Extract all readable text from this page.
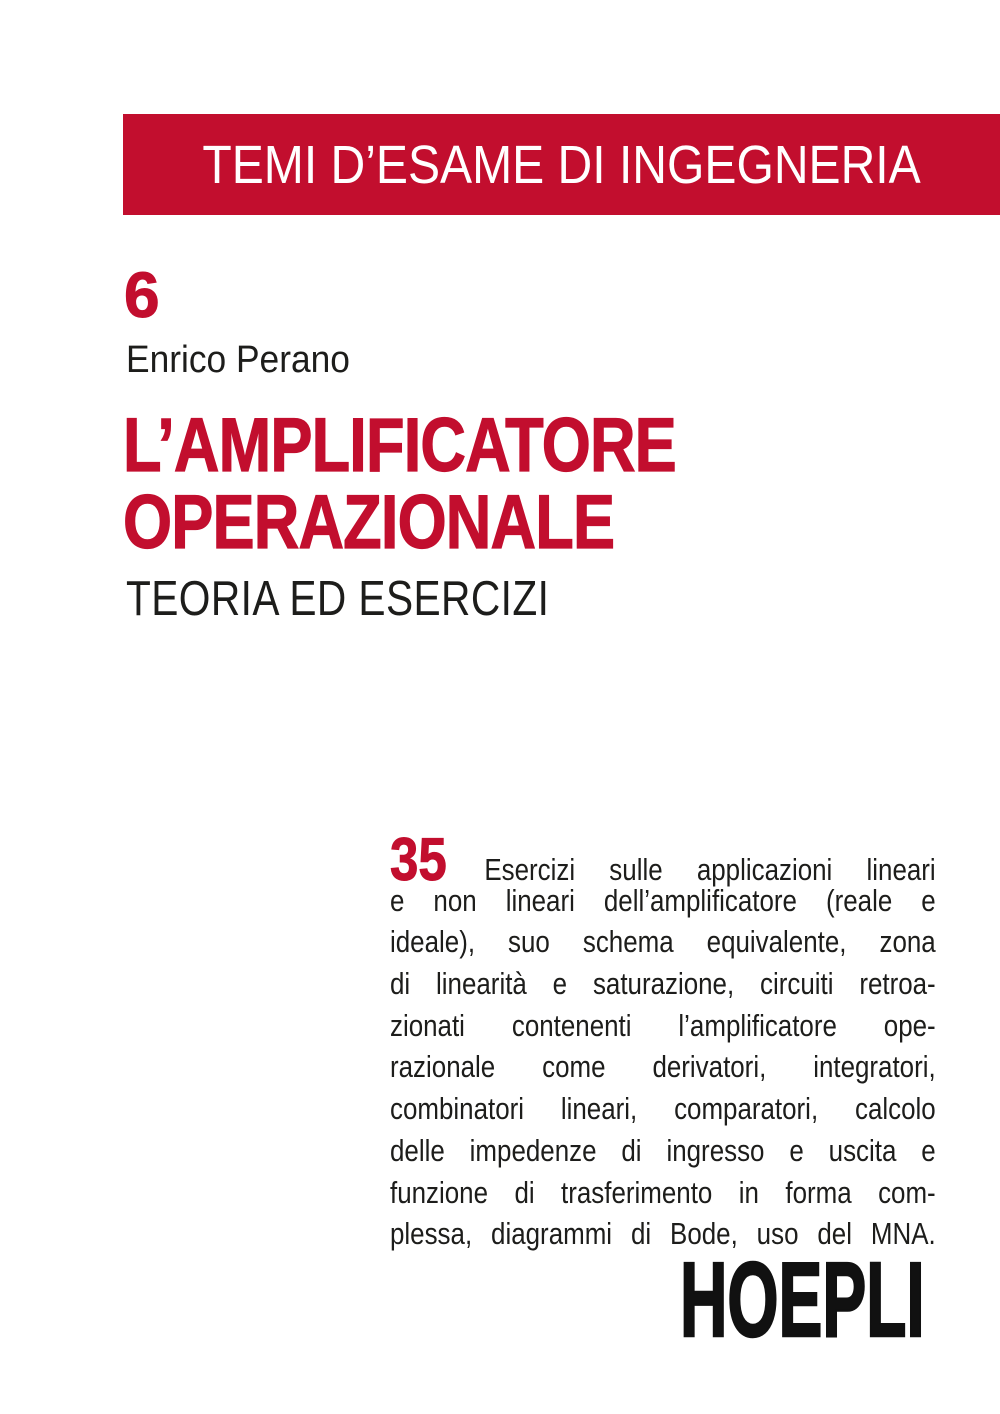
TEMI D’ESAME DI INGEGNERIA
6
Enrico Perano
L’AMPLIFICATORE
OPERAZIONALE
TEORIA ED ESERCIZI
35 Esercizi sulle applicazioni lineari
e non lineari dell’amplificatore (reale e
ideale), suo schema equivalente, zona
di linearità e saturazione, circuiti retroa-
zionati contenenti l’amplificatore ope-
razionale come derivatori, integratori,
combinatori lineari, comparatori, calcolo
delle impedenze di ingresso e uscita e
funzione di trasferimento in forma com-
plessa, diagrammi di Bode, uso del MNA.
HOEPLI
